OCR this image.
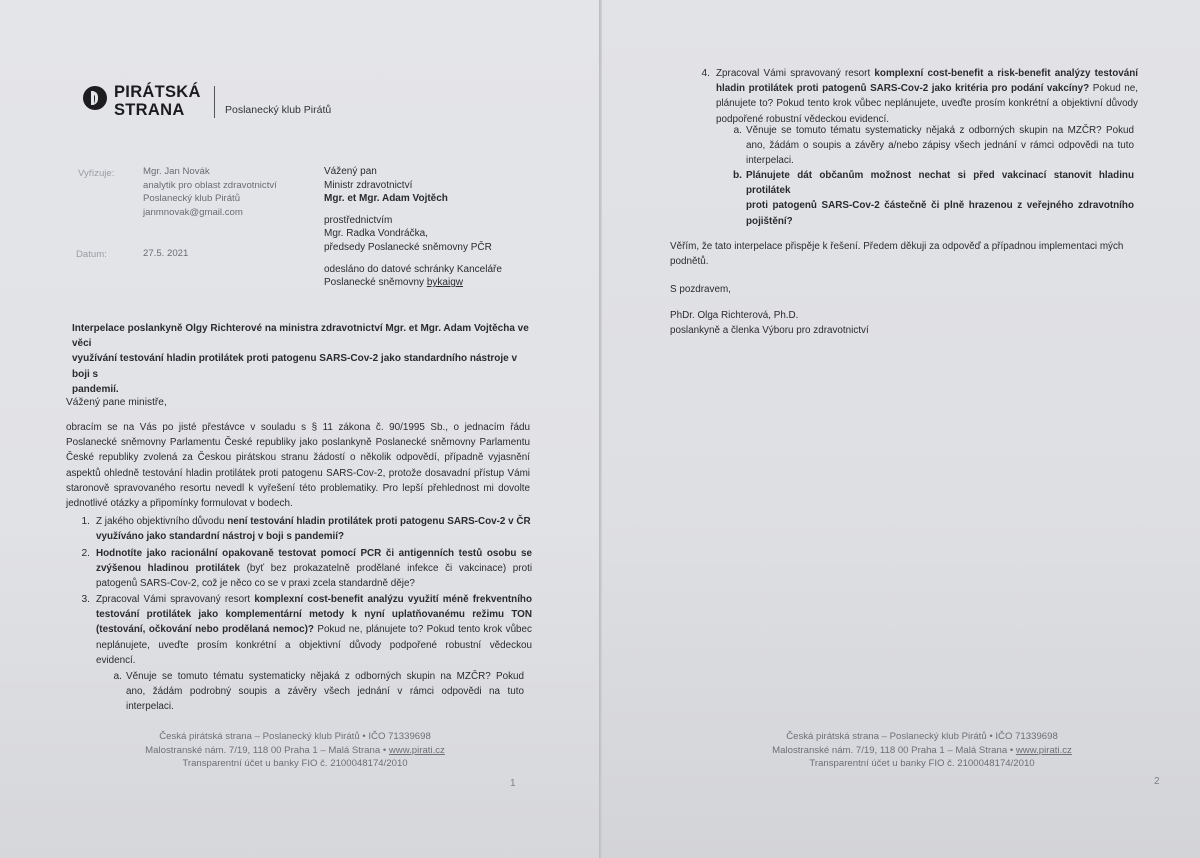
PIRÁTSKÁ
STRANA	Poslanecký klub Pirátů
Vyřizuje:	Mgr. Jan Novák
analytik pro oblast zdravotnictví
Poslanecký klub Pirátů
janmnovak@gmail.com
Datum:	27.5. 2021
Vážený pan
Ministr zdravotnictví
Mgr. et Mgr. Adam Vojtěch
prostřednictvím
Mgr. Radka Vondráčka,
předsedy Poslanecké sněmovny PČR
odesláno do datové schránky Kanceláře
Poslanecké sněmovny bykaigw
Interpelace poslankyně Olgy Richterové na ministra zdravotnictví Mgr. et Mgr. Adam Vojtěcha ve věci
využívání testování hladin protilátek proti patogenu SARS-Cov-2 jako standardního nástroje v boji s
pandemií.
Vážený pane ministře,
obracím se na Vás po jisté přestávce v souladu s § 11 zákona č. 90/1995 Sb., o jednacím řádu
Poslanecké sněmovny Parlamentu České republiky jako poslankyně Poslanecké sněmovny Parlamentu
České republiky zvolená za Českou pirátskou stranu žádostí o několik odpovědí, případně vyjasnění
aspektů ohledně testování hladin protilátek proti patogenu SARS-Cov-2, protože dosavadní přístup Vámi
staronově spravovaného resortu nevedl k vyřešení této problematiky. Pro lepší přehlednost mi dovolte
jednotlivé otázky a připomínky formulovat v bodech.
1. Z jakého objektivního důvodu není testování hladin protilátek proti patogenu SARS-Cov-2 v ČR
využíváno jako standardní nástroj v boji s pandemií?
2. Hodnotíte jako racionální opakovaně testovat pomocí PCR či antigenních testů osobu se
zvýšenou hladinou protilátek (byť bez prokazatelně prodělané infekce či vakcinace) proti
patogenů SARS-Cov-2, což je něco co se v praxi zcela standardně děje?
3. Zpracoval Vámi spravovaný resort komplexní cost-benefit analýzu využití méně frekventního
testování protilátek jako komplementární metody k nyní uplatňovanému režimu TON
(testování, očkování nebo prodělaná nemoc)? Pokud ne, plánujete to? Pokud tento krok vůbec
neplánujete, uveďte prosím konkrétní a objektivní důvody podpořené robustní vědeckou
evidencí.
a. Věnuje se tomuto tématu systematicky nějaká z odborných skupin na MZČR? Pokud
ano, žádám podrobný soupis a závěry všech jednání v rámci odpovědi na tuto
interpelaci.
Česká pirátská strana – Poslanecký klub Pirátů • IČO 71339698
Malostranské nám. 7/19, 118 00 Praha 1 – Malá Strana • www.pirati.cz
Transparentní účet u banky FIO č. 2100048174/2010
1
4. Zpracoval Vámi spravovaný resort komplexní cost-benefit a risk-benefit analýzy testování
hladin protilátek proti patogenů SARS-Cov-2 jako kritéria pro podání vakcíny? Pokud ne,
plánujete to? Pokud tento krok vůbec neplánujete, uveďte prosím konkrétní a objektivní důvody
podpořené robustní vědeckou evidencí.
a. Věnuje se tomuto tématu systematicky nějaká z odborných skupin na MZČR? Pokud
ano, žádám o soupis a závěry a/nebo zápisy všech jednání v rámci odpovědi na tuto
interpelaci.
b. Plánujete dát občanům možnost nechat si před vakcinací stanovit hladinu protilátek
proti patogenů SARS-Cov-2 částečně či plně hrazenou z veřejného zdravotního
pojištění?
Věřím, že tato interpelace přispěje k řešení. Předem děkuji za odpověď a případnou implementaci mých
podnětů.
S pozdravem,
PhDr. Olga Richterová, Ph.D.
poslankyně a členka Výboru pro zdravotnictví
Česká pirátská strana – Poslanecký klub Pirátů • IČO 71339698
Malostranské nám. 7/19, 118 00 Praha 1 – Malá Strana • www.pirati.cz
Transparentní účet u banky FIO č. 2100048174/2010
2
